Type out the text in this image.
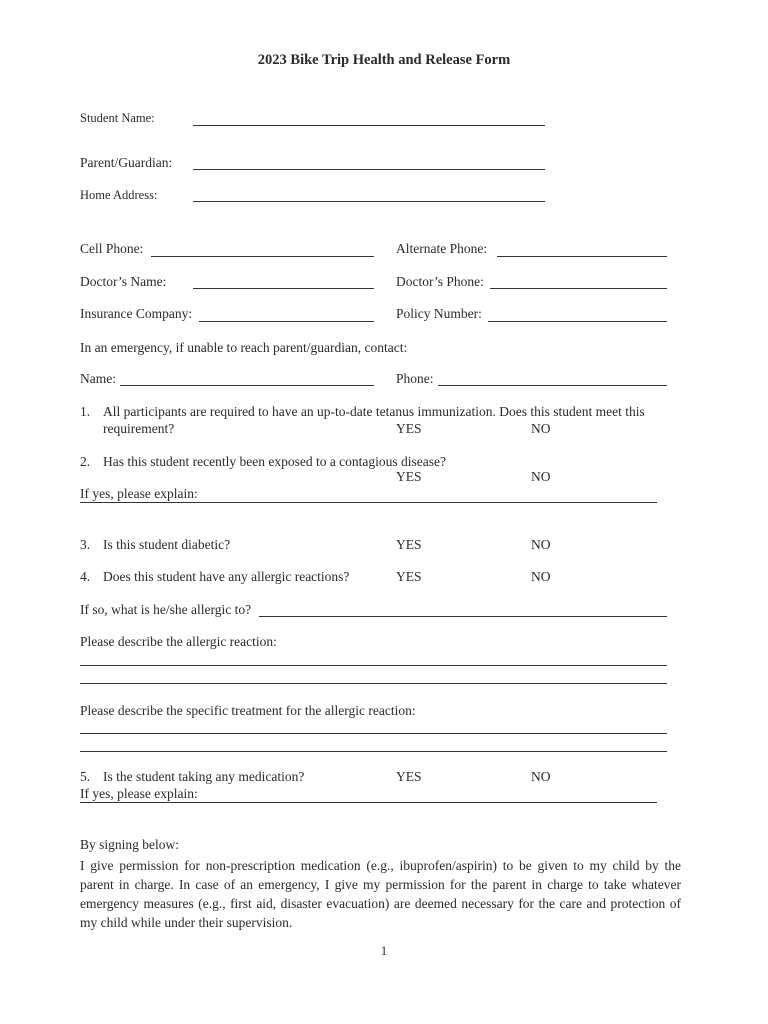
2023 Bike Trip Health and Release Form
Student Name:
Parent/Guardian:
Home Address:
Cell Phone:	Alternate Phone:
Doctor’s Name:	Doctor’s Phone:
Insurance Company:	Policy Number:
In an emergency, if unable to reach parent/guardian, contact:
Name:	Phone:
1. All participants are required to have an up-to-date tetanus immunization. Does this student meet this
requirement?	YES	NO
2. Has this student recently been exposed to a contagious disease?
YES	NO
If yes, please explain:
3. Is this student diabetic?	YES	NO
4. Does this student have any allergic reactions?	YES	NO
If so, what is he/she allergic to?
Please describe the allergic reaction:
Please describe the specific treatment for the allergic reaction:
5. Is the student taking any medication?	YES	NO
If yes, please explain:
By signing below:
I give permission for non-prescription medication (e.g., ibuprofen/aspirin) to be given to my child by the parent in charge. In case of an emergency, I give my permission for the parent in charge to take whatever emergency measures (e.g., first aid, disaster evacuation) are deemed necessary for the care and protection of my child while under their supervision.
1
